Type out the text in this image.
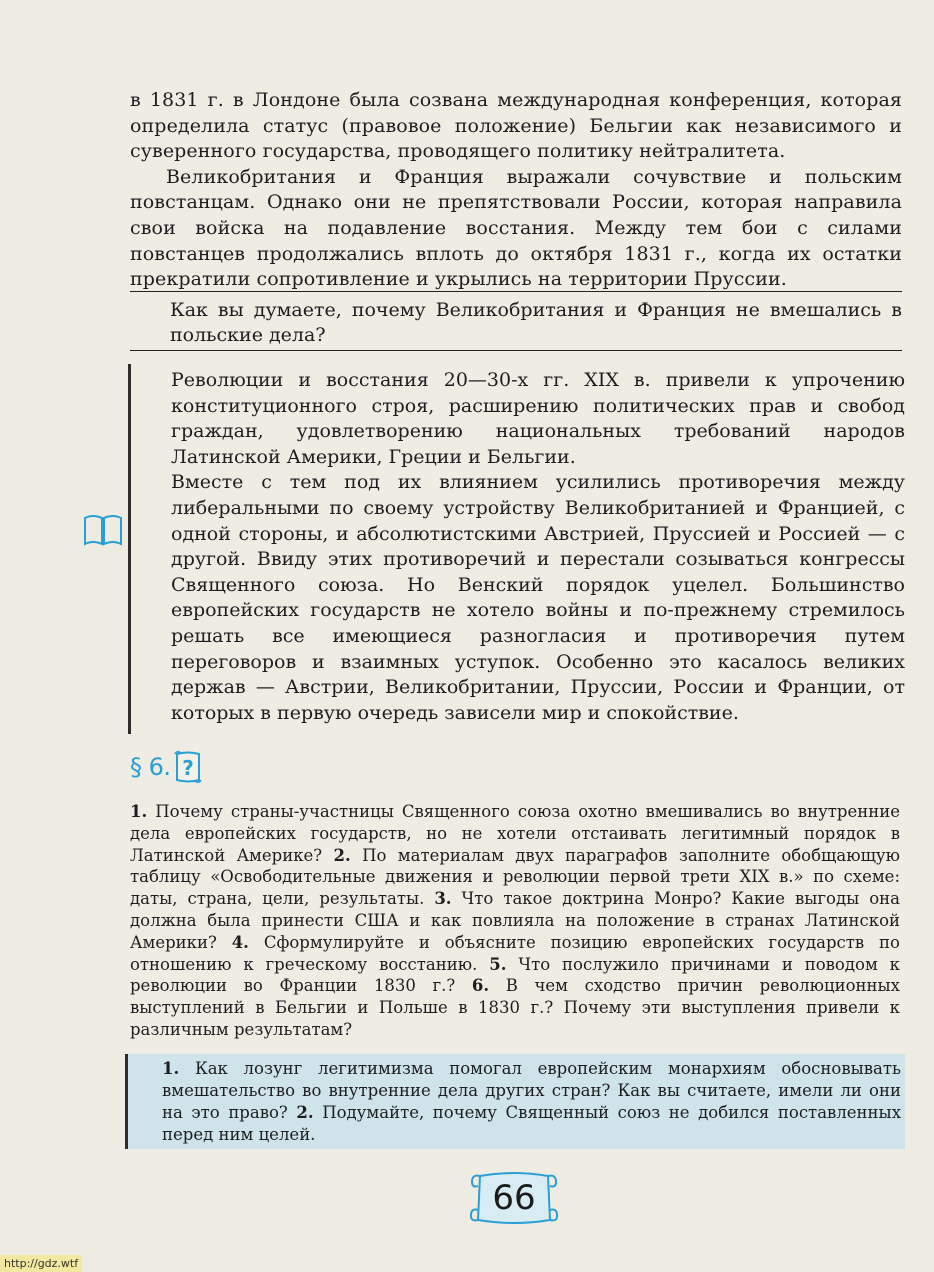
в 1831 г. в Лондоне была созвана международная конференция, которая определила статус (правовое положение) Бельгии как независимого и суверенного государства, проводящего политику нейтралитета.

Великобритания и Франция выражали сочувствие и польским повстанцам. Однако они не препятствовали России, которая направила свои войска на подавление восстания. Между тем бои с силами повстанцев продолжались вплоть до октября 1831 г., когда их остатки прекратили сопротивление и укрылись на территории Пруссии.

Как вы думаете, почему Великобритания и Франция не вмешались в польские дела?

Революции и восстания 20—30-х гг. XIX в. привели к упрочению конституционного строя, расширению политических прав и свобод граждан, удовлетворению национальных требований народов Латинской Америки, Греции и Бельгии.

Вместе с тем под их влиянием усилились противоречия между либеральными по своему устройству Великобританией и Францией, с одной стороны, и абсолютистскими Австрией, Пруссией и Россией — с другой. Ввиду этих противоречий и перестали созываться конгрессы Священного союза. Но Венский порядок уцелел. Большинство европейских государств не хотело войны и по-прежнему стремилось решать все имеющиеся разногласия и противоречия путем переговоров и взаимных уступок. Особенно это касалось великих держав — Австрии, Великобритании, Пруссии, России и Франции, от которых в первую очередь зависели мир и спокойствие.

§ 6. ?
1. Почему страны-участницы Священного союза охотно вмешивались во внутренние дела европейских государств, но не хотели отстаивать легитимный порядок в Латинской Америке? 2. По материалам двух параграфов заполните обобщающую таблицу «Освободительные движения и революции первой трети XIX в.» по схеме: даты, страна, цели, результаты. 3. Что такое доктрина Монро? Какие выгоды она должна была принести США и как повлияла на положение в странах Латинской Америки? 4. Сформулируйте и объясните позицию европейских государств по отношению к греческому восстанию. 5. Что послужило причинами и поводом к революции во Франции 1830 г.? 6. В чем сходство причин революционных выступлений в Бельгии и Польше в 1830 г.? Почему эти выступления привели к различным результатам?
1. Как лозунг легитимизма помогал европейским монархиям обосновывать вмешательство во внутренние дела других стран? Как вы считаете, имели ли они на это право? 2. Подумайте, почему Священный союз не добился поставленных перед ним целей.
66
http://gdz.wtf
